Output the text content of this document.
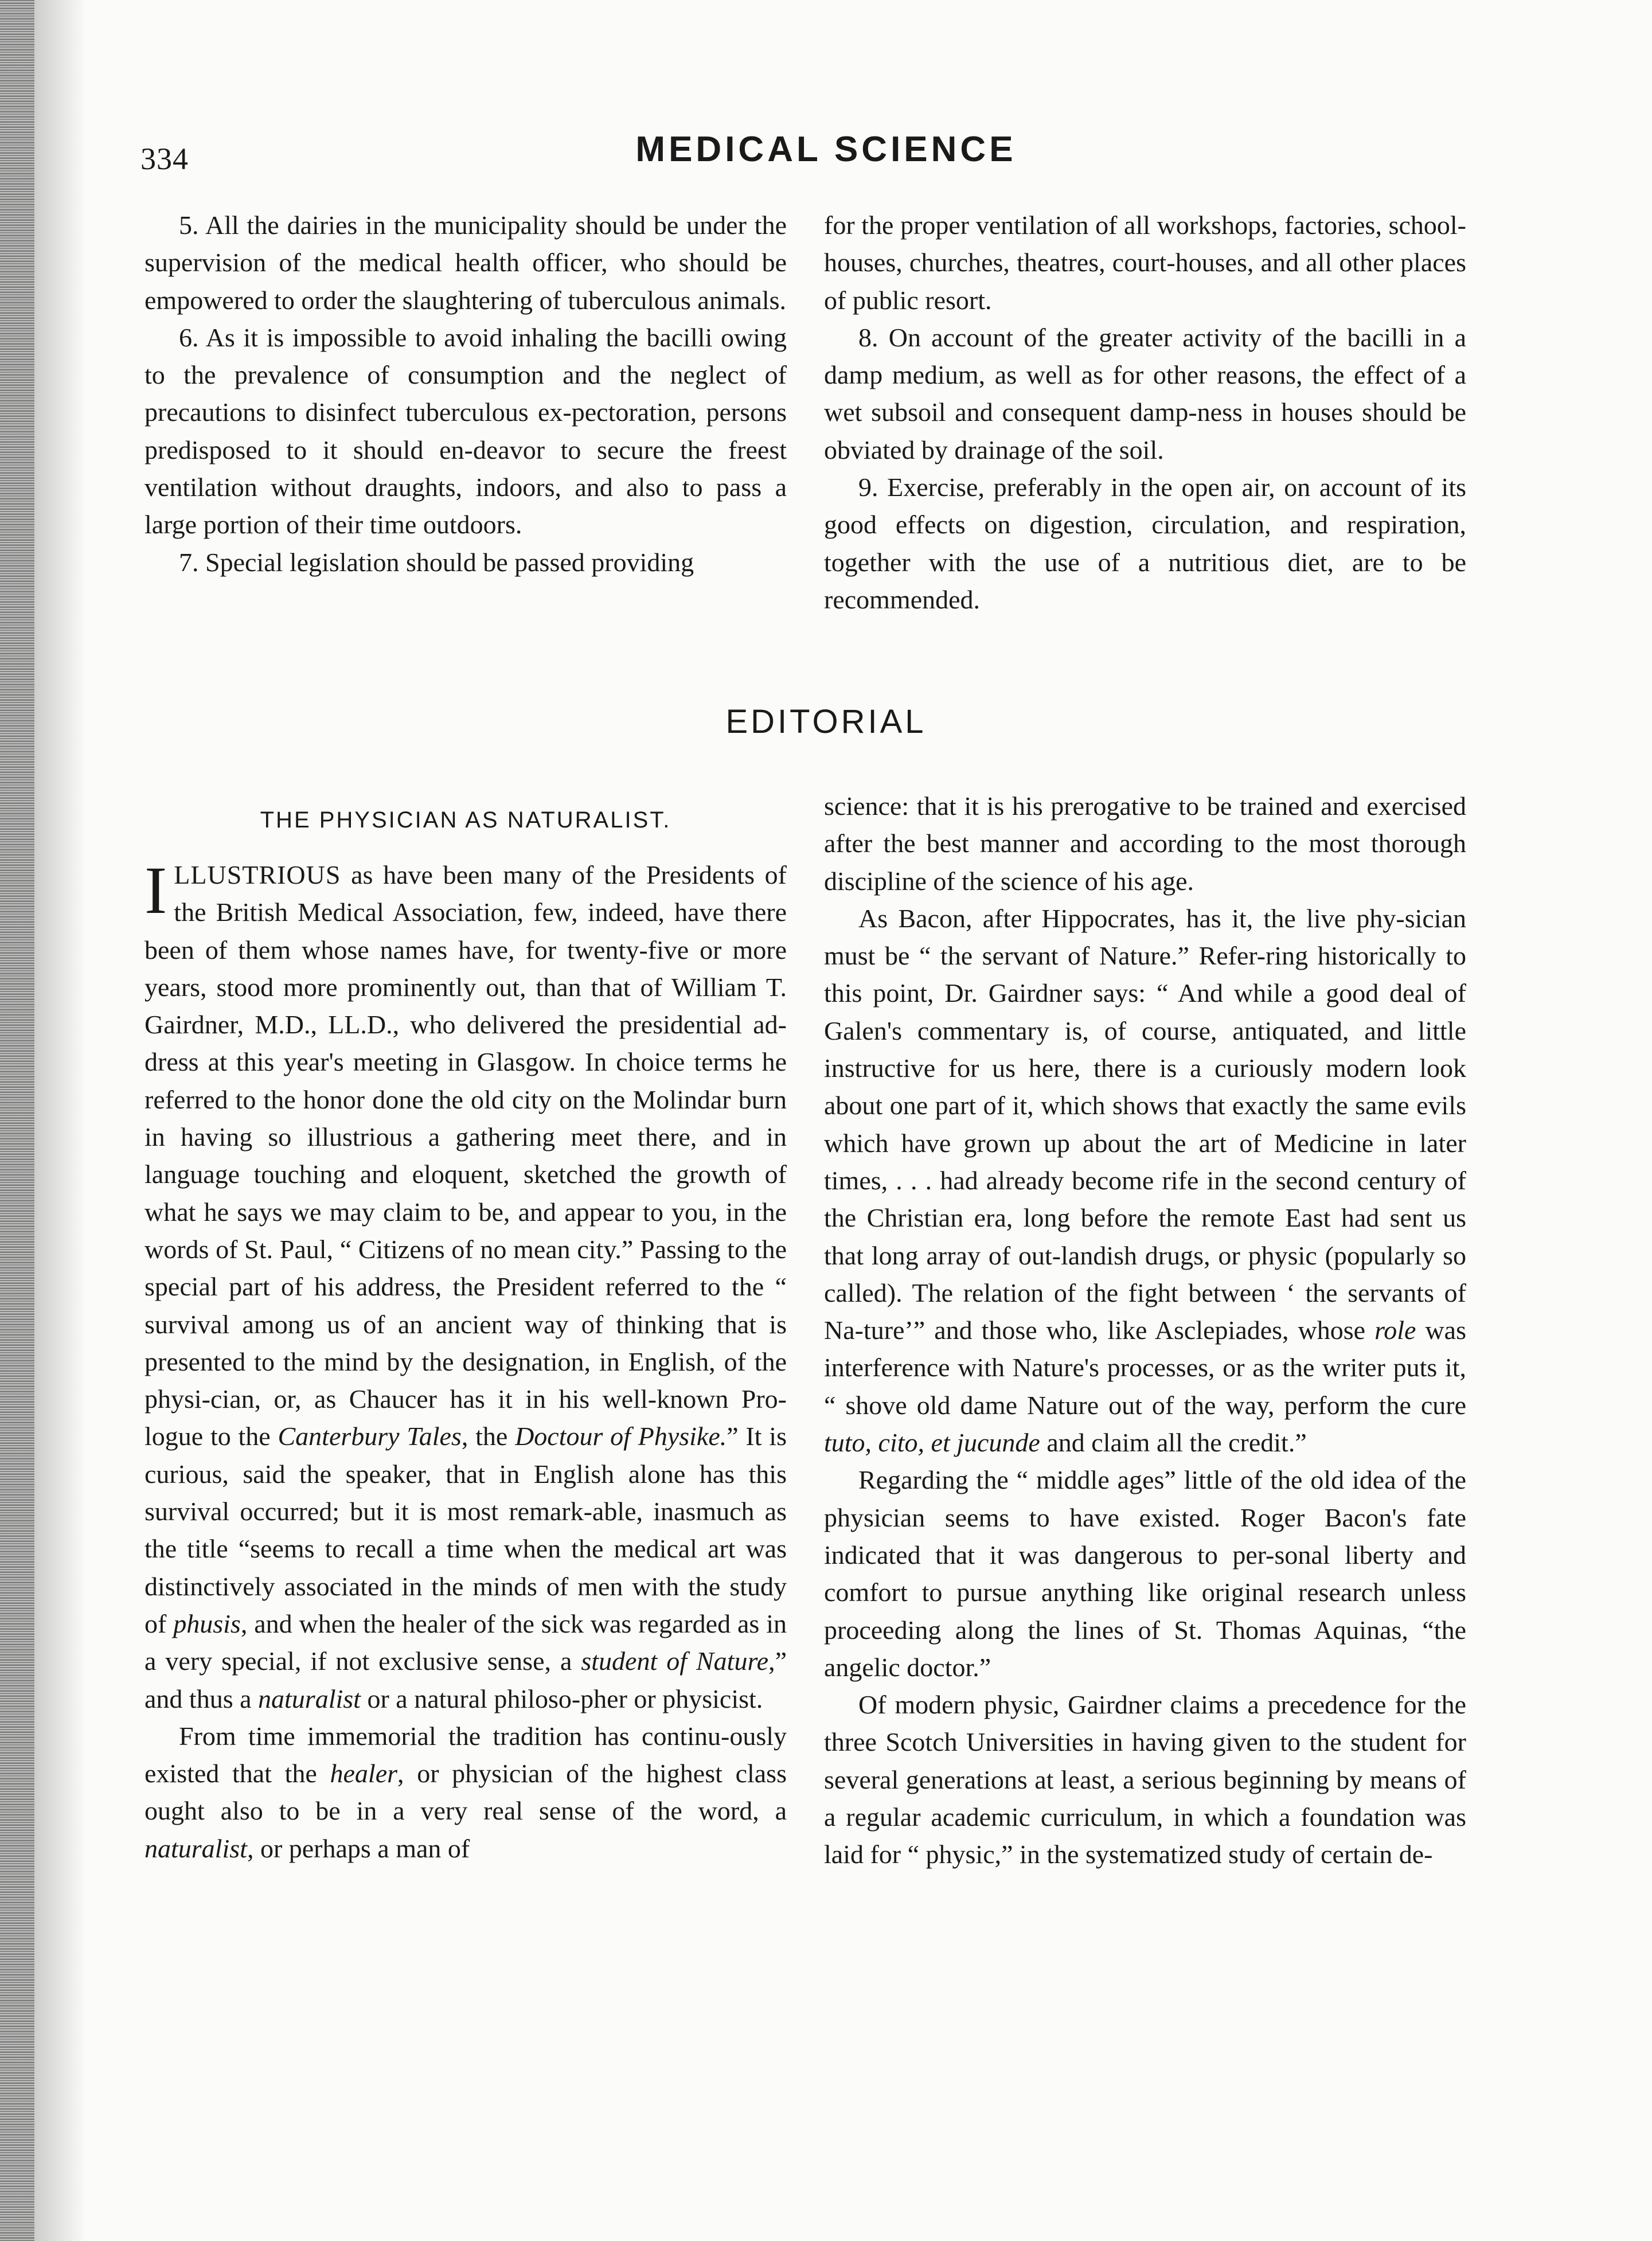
334	MEDICAL SCIENCE

5. All the dairies in the municipality should be under the supervision of the medical health officer, who should be empowered to order the slaughtering of tuberculous animals.

6. As it is impossible to avoid inhaling the bacilli owing to the prevalence of consumption and the neglect of precautions to disinfect tuberculous ex-pectoration, persons predisposed to it should en-deavor to secure the freest ventilation without draughts, indoors, and also to pass a large portion of their time outdoors.

7. Special legislation should be passed providing

for the proper ventilation of all workshops, factories, school-houses, churches, theatres, court-houses, and all other places of public resort.

8. On account of the greater activity of the bacilli in a damp medium, as well as for other reasons, the effect of a wet subsoil and consequent damp-ness in houses should be obviated by drainage of the soil.

9. Exercise, preferably in the open air, on account of its good effects on digestion, circulation, and respiration, together with the use of a nutritious diet, are to be recommended.

EDITORIAL
THE PHYSICIAN AS NATURALIST.

ILLUSTRIOUS as have been many of the Presidents of the British Medical Association, few, indeed, have there been of them whose names have, for twenty-five or more years, stood more prominently out, than that of William T. Gairdner, M.D., LL.D., who delivered the presidential ad-dress at this year's meeting in Glasgow. In choice terms he referred to the honor done the old city on the Molindar burn in having so illustrious a gathering meet there, and in language touching and eloquent, sketched the growth of what he says we may claim to be, and appear to you, in the words of St. Paul, “ Citizens of no mean city.” Passing to the special part of his address, the President referred to the “ survival among us of an ancient way of thinking that is presented to the mind by the designation, in English, of the physi-cian, or, as Chaucer has it in his well-known Pro-logue to the Canterbury Tales, the Doctour of Physike.” It is curious, said the speaker, that in English alone has this survival occurred; but it is most remark-able, inasmuch as the title “seems to recall a time when the medical art was distinctively associated in the minds of men with the study of phusis, and when the healer of the sick was regarded as in a very special, if not exclusive sense, a student of Nature,” and thus a naturalist or a natural philoso-pher or physicist.

From time immemorial the tradition has continu-ously existed that the healer, or physician of the highest class ought also to be in a very real sense of the word, a naturalist, or perhaps a man of

science: that it is his prerogative to be trained and exercised after the best manner and according to the most thorough discipline of the science of his age.

As Bacon, after Hippocrates, has it, the live phy-sician must be “ the servant of Nature.” Refer-ring historically to this point, Dr. Gairdner says: “ And while a good deal of Galen's commentary is, of course, antiquated, and little instructive for us here, there is a curiously modern look about one part of it, which shows that exactly the same evils which have grown up about the art of Medicine in later times, . . . had already become rife in the second century of the Christian era, long before the remote East had sent us that long array of out-landish drugs, or physic (popularly so called). The relation of the fight between ‘ the servants of Na-ture’” and those who, like Asclepiades, whose role was interference with Nature's processes, or as the writer puts it, “ shove old dame Nature out of the way, perform the cure tuto, cito, et jucunde and claim all the credit.”

Regarding the “ middle ages” little of the old idea of the physician seems to have existed. Roger Bacon's fate indicated that it was dangerous to per-sonal liberty and comfort to pursue anything like original research unless proceeding along the lines of St. Thomas Aquinas, “the angelic doctor.”

Of modern physic, Gairdner claims a precedence for the three Scotch Universities in having given to the student for several generations at least, a serious beginning by means of a regular academic curriculum, in which a foundation was laid for “ physic,” in the systematized study of certain de-
